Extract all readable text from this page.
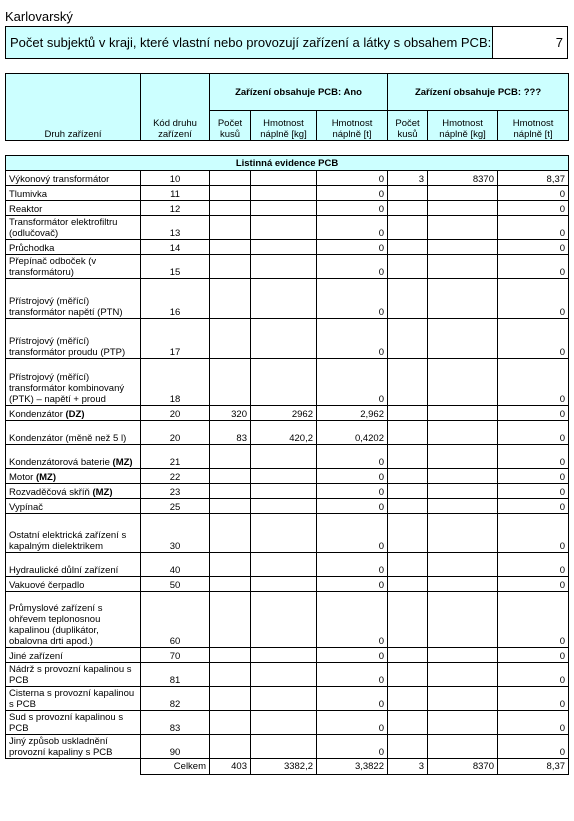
Karlovarský
Počet subjektů v kraji, které vlastní nebo provozují zařízení a látky s obsahem PCB:	7
Druh zařízení	Kód druhu zařízení	Zařízení obsahuje PCB: Ano			Zařízení obsahuje PCB: ???		
		Počet kusů	Hmotnost náplně [kg]	Hmotnost náplně [t]	Počet kusů	Hmotnost náplně [kg]	Hmotnost náplně [t]
Listinná evidence PCB							
Výkonový transformátor	10			0	3	8370	8,37
Tlumivka	11			0			0
Reaktor	12			0			0
Transformátor elektrofiltru (odlučovač)	13			0			0
Průchodka	14			0			0
Přepínač odboček (v transformátoru)	15			0			0
Přístrojový (měřící) transformátor napětí (PTN)	16			0			0
Přístrojový (měřící) transformátor proudu (PTP)	17			0			0
Přístrojový (měřící) transformátor kombinovaný (PTK) – napětí + proud	18			0			0
Kondenzátor (DZ)	20	320	2962	2,962			0
Kondenzátor (měně než 5 l)	20	83	420,2	0,4202			0
Kondenzátorová baterie (MZ)	21			0			0
Motor (MZ)	22			0			0
Rozvaděčová skříň (MZ)	23			0			0
Vypínač	25			0			0
Ostatní elektrická zařízení s kapalným dielektrikem	30			0			0
Hydraulické důlní zařízení	40			0			0
Vakuové čerpadlo	50			0			0
Průmyslové zařízení s ohřevem teplonosnou kapalinou (duplikátor, obalovna drti apod.)	60			0			0
Jiné zařízení	70			0			0
Nádrž s provozní kapalinou s PCB	81			0			0
Cisterna s provozní kapalinou s PCB	82			0			0
Sud s provozní kapalinou s PCB	83			0			0
Jiný způsob uskladnění provozní kapaliny s PCB	90			0			0
	Celkem	403	3382,2	3,3822	3	8370	8,37
